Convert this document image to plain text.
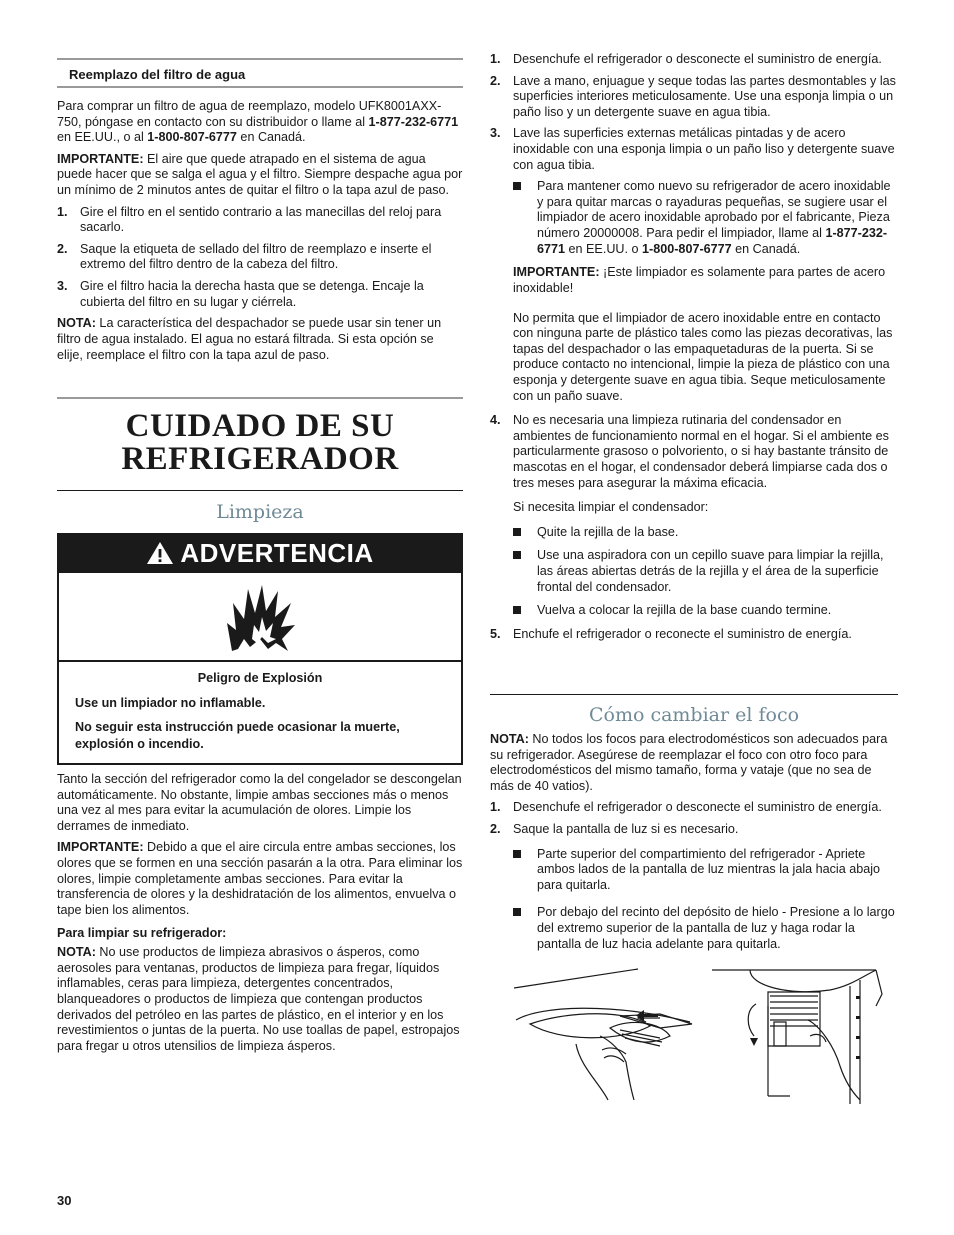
Reemplazo del filtro de agua

Para comprar un filtro de agua de reemplazo, modelo UFK8001AXX-750, póngase en contacto con su distribuidor o llame al 1-877-232-6771 en EE.UU., o al 1-800-807-6777 en Canadá.

IMPORTANTE: El aire que quede atrapado en el sistema de agua puede hacer que se salga el agua y el filtro. Siempre despache agua por un mínimo de 2 minutos antes de quitar el filtro o la tapa azul de paso.

1. Gire el filtro en el sentido contrario a las manecillas del reloj para sacarlo.
2. Saque la etiqueta de sellado del filtro de reemplazo e inserte el extremo del filtro dentro de la cabeza del filtro.
3. Gire el filtro hacia la derecha hasta que se detenga. Encaje la cubierta del filtro en su lugar y ciérrela.

NOTA: La característica del despachador se puede usar sin tener un filtro de agua instalado. El agua no estará filtrada. Si esta opción se elije, reemplace el filtro con la tapa azul de paso.

CUIDADO DE SU
REFRIGERADOR
Limpieza
ADVERTENCIA
Peligro de Explosión
Use un limpiador no inflamable.
No seguir esta instrucción puede ocasionar la muerte, explosión o incendio.

Tanto la sección del refrigerador como la del congelador se descongelan automáticamente. No obstante, limpie ambas secciones más o menos una vez al mes para evitar la acumulación de olores. Limpie los derrames de inmediato.

IMPORTANTE: Debido a que el aire circula entre ambas secciones, los olores que se formen en una sección pasarán a la otra. Para eliminar los olores, limpie completamente ambas secciones. Para evitar la transferencia de olores y la deshidratación de los alimentos, envuelva o tape bien los alimentos.

Para limpiar su refrigerador:

NOTA: No use productos de limpieza abrasivos o ásperos, como aerosoles para ventanas, productos de limpieza para fregar, líquidos inflamables, ceras para limpieza, detergentes concentrados, blanqueadores o productos de limpieza que contengan productos derivados del petróleo en las partes de plástico, en el interior y en los revestimientos o juntas de la puerta. No use toallas de papel, estropajos para fregar u otros utensilios de limpieza ásperos.

1. Desenchufe el refrigerador o desconecte el suministro de energía.
2. Lave a mano, enjuague y seque todas las partes desmontables y las superficies interiores meticulosamente. Use una esponja limpia o un paño liso y un detergente suave en agua tibia.
3. Lave las superficies externas metálicas pintadas y de acero inoxidable con una esponja limpia o un paño liso y detergente suave con agua tibia.
Para mantener como nuevo su refrigerador de acero inoxidable y para quitar marcas o rayaduras pequeñas, se sugiere usar el limpiador de acero inoxidable aprobado por el fabricante, Pieza número 20000008. Para pedir el limpiador, llame al 1-877-232-6771 en EE.UU. o 1-800-807-6777 en Canadá.

IMPORTANTE: ¡Este limpiador es solamente para partes de acero inoxidable!

No permita que el limpiador de acero inoxidable entre en contacto con ninguna parte de plástico tales como las piezas decorativas, las tapas del despachador o las empaquetaduras de la puerta. Si se produce contacto no intencional, limpie la pieza de plástico con una esponja y detergente suave en agua tibia. Seque meticulosamente con un paño suave.

4. No es necesaria una limpieza rutinaria del condensador en ambientes de funcionamiento normal en el hogar. Si el ambiente es particularmente grasoso o polvoriento, o si hay bastante tránsito de mascotas en el hogar, el condensador deberá limpiarse cada dos o tres meses para asegurar la máxima eficacia.

Si necesita limpiar el condensador:

Quite la rejilla de la base.
Use una aspiradora con un cepillo suave para limpiar la rejilla, las áreas abiertas detrás de la rejilla y el área de la superficie frontal del condensador.
Vuelva a colocar la rejilla de la base cuando termine.
5. Enchufe el refrigerador o reconecte el suministro de energía.
Cómo cambiar el foco

NOTA: No todos los focos para electrodomésticos son adecuados para su refrigerador. Asegúrese de reemplazar el foco con otro foco para electrodomésticos del mismo tamaño, forma y vataje (que no sea de más de 40 vatios).

1. Desenchufe el refrigerador o desconecte el suministro de energía.
2. Saque la pantalla de luz si es necesario.
Parte superior del compartimiento del refrigerador - Apriete ambos lados de la pantalla de luz mientras la jala hacia abajo para quitarla.
Por debajo del recinto del depósito de hielo - Presione a lo largo del extremo superior de la pantalla de luz y haga rodar la pantalla de luz hacia adelante para quitarla.
30
